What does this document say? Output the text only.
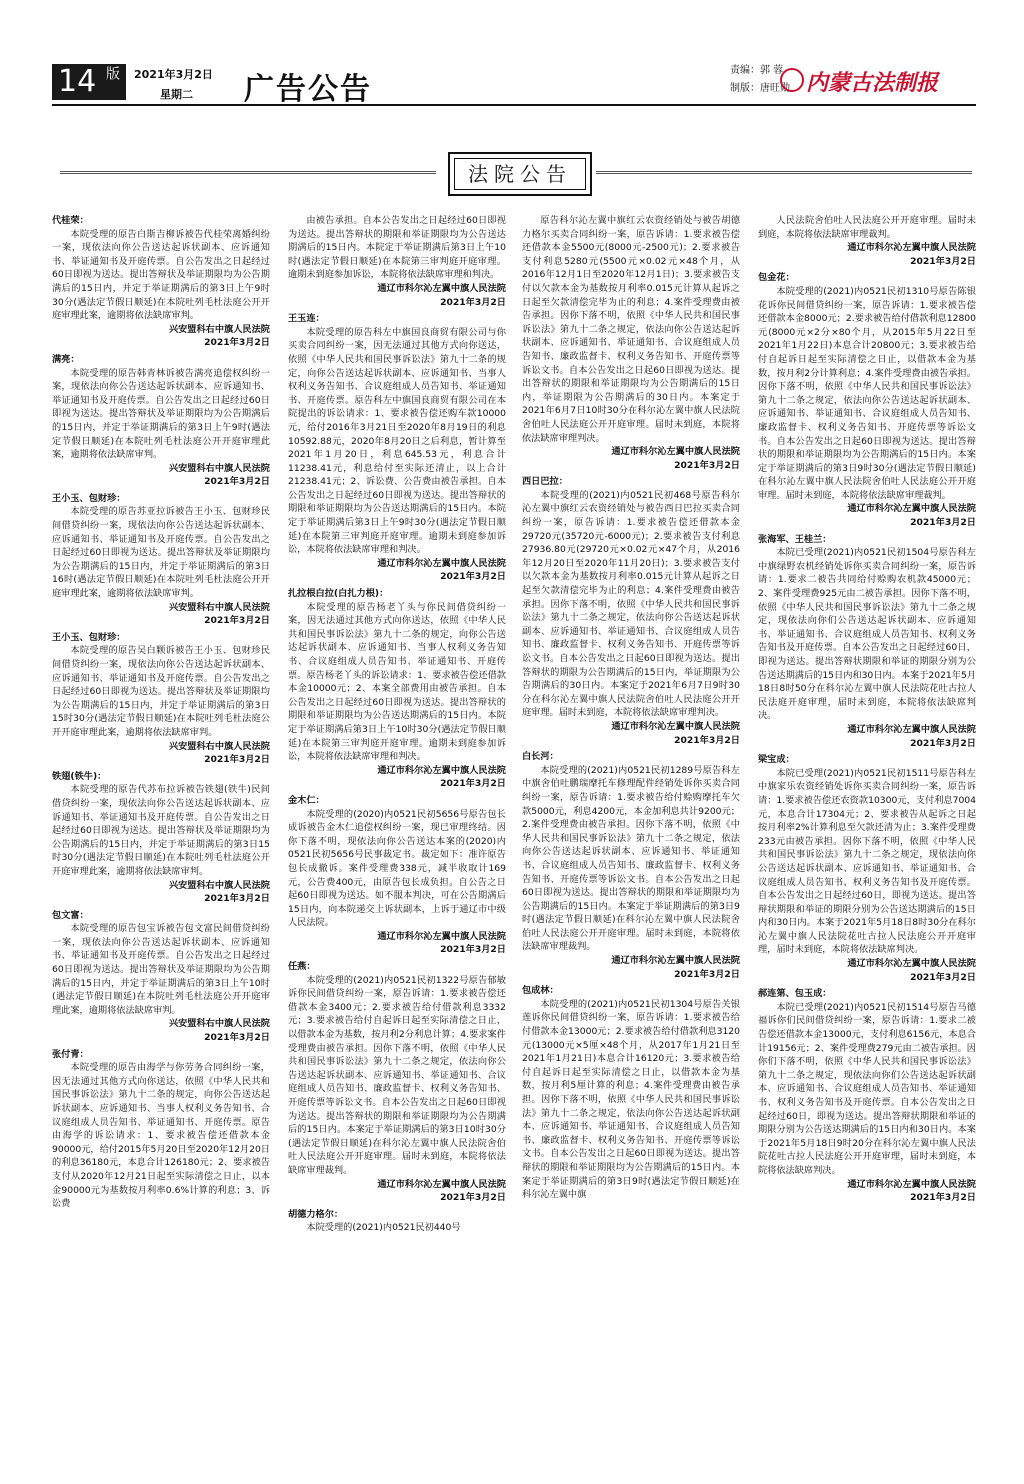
14 版 2021年3月2日
星期二 广告公告
责编：郭 蓉
制版：唐旺勋 内蒙古法制报
法院公告

代桂荣：

本院受理的原告白斯吉柳诉被告代桂荣离婚纠纷一案，现依法向你公告送达起诉状副本、应诉通知书、举证通知书及开庭传票。自公告发出之日起经过60日即视为送达。提出答辩状及举证期限均为公告期满后的15日内，并定于举证期满后的第3日上午9时30分(遇法定节假日顺延)在本院吐列毛杜法庭公开开庭审理此案，逾期将依法缺席审判。

兴安盟科右中旗人民法院

2021年3月2日

满亮：

本院受理的原告韩青林诉被告满亮追偿权纠纷一案，现依法向你公告送达起诉状副本、应诉通知书、举证通知书及开庭传票。自公告发出之日起经过60日即视为送达。提出答辩状及举证期限均为公告期满后的15日内，并定于举证期满后的第3日上午9时(遇法定节假日顺延)在本院吐列毛杜法庭公开开庭审理此案，逾期将依法缺席审判。

兴安盟科右中旗人民法院

2021年3月2日

王小玉、包财珍：

本院受理的原告苏亚拉诉被告王小玉、包财珍民间借贷纠纷一案，现依法向你公告送达起诉状副本、应诉通知书、举证通知书及开庭传票。自公告发出之日起经过60日即视为送达。提出答辩状及举证期限均为公告期满后的15日内，并定于举证期满后的第3日16时(遇法定节假日顺延)在本院吐列毛杜法庭公开开庭审理此案，逾期将依法缺席审判。

兴安盟科右中旗人民法院

2021年3月2日

王小玉、包财珍：

本院受理的原告吴白颗诉被告王小玉、包财珍民间借贷纠纷一案，现依法向你公告送达起诉状副本、应诉通知书、举证通知书及开庭传票。自公告发出之日起经过60日即视为送达。提出答辩状及举证期限均为公告期满后的15日内，并定于举证期满后的第3日15时30分(遇法定节假日顺延)在本院吐列毛杜法庭公开开庭审理此案，逾期将依法缺席审判。

兴安盟科右中旗人民法院

2021年3月2日

铁翅(铁牛)：

本院受理的原告代苏布拉诉被告铁翅(铁牛)民间借贷纠纷一案，现依法向你公告送达起诉状副本、应诉通知书、举证通知书及开庭传票。自公告发出之日起经过60日即视为送达。提出答辩状及举证期限均为公告期满后的15日内，并定于举证期满后的第3日15时30分(遇法定节假日顺延)在本院吐列毛杜法庭公开开庭审理此案，逾期将依法缺席审判。

兴安盟科右中旗人民法院

2021年3月2日

包文富：

本院受理的原告包宝诉被告包文富民间借贷纠纷一案，现依法向你公告送达起诉状副本、应诉通知书、举证通知书及开庭传票。自公告发出之日起经过60日即视为送达。提出答辩状及举证期限均为公告期满后的15日内，并定于举证期满后的第3日上午10时(遇法定节假日顺延)在本院吐列毛杜法庭公开开庭审理此案，逾期将依法缺席审判。

兴安盟科右中旗人民法院

2021年3月2日

张付青：

本院受理的原告由海学与你劳务合同纠纷一案，因无法通过其他方式向你送达，依照《中华人民共和国民事诉讼法》第九十二条的规定，向你公告送达起诉状副本、应诉通知书、当事人权利义务告知书、合议庭组成人员告知书、举证通知书、开庭传票。原告由海学的诉讼请求：1、要求被告偿还借款本金90000元，给付2015年5月20日至2020年12月20日的利息36180元，本息合计126180元；2、要求被告支付从2020年12月21日起至实际清偿之日止，以本金90000元为基数按月利率0.6%计算的利息；3、诉讼费

由被告承担。自本公告发出之日起经过60日即视为送达。提出答辩状的期限和举证期限均为公告送达期满后的15日内。本院定于举证期满后第3日上午10时(遇法定节假日顺延)在本院第三审判庭开庭审理。逾期未到庭参加诉讼，本院将依法缺席审理和判决。

通辽市科尔沁左翼中旗人民法院

2021年3月2日

王玉连：

本院受理的原告科左中旗国良商贸有限公司与你买卖合同纠纷一案，因无法通过其他方式向你送达，依照《中华人民共和国民事诉讼法》第九十二条的规定，向你公告送达起诉状副本、应诉通知书、当事人权利义务告知书、合议庭组成人员告知书、举证通知书、开庭传票。原告科左中旗国良商贸有限公司在本院提出的诉讼请求：1、要求被告偿还购车款10000元，给付2016年3月21日至2020年8月19日的利息10592.88元，2020年8月20日之后利息，暂计算至2021年1月20日，利息645.53元，利息合计11238.41元，利息给付至实际还清止，以上合计21238.41元；2、诉讼费、公告费由被告承担。自本公告发出之日起经过60日即视为送达。提出答辩状的期限和举证期限均为公告送达期满后的15日内。本院定于举证期满后第3日上午9时30分(遇法定节假日顺延)在本院第三审判庭开庭审理。逾期未到庭参加诉讼，本院将依法缺席审理和判决。

通辽市科尔沁左翼中旗人民法院

2021年3月2日

扎拉根白拉(白扎力根)：

本院受理的原告杨老丫头与你民间借贷纠纷一案，因无法通过其他方式向你送达，依照《中华人民共和国民事诉讼法》第九十二条的规定，向你公告送达起诉状副本、应诉通知书、当事人权利义务告知书、合议庭组成人员告知书、举证通知书、开庭传票。原告杨老丫头的诉讼请求：1、要求被告偿还借款本金10000元；2、本案全部费用由被告承担。自本公告发出之日起经过60日即视为送达。提出答辩状的期限和举证期限均为公告送达期满后的15日内。本院定于举证期满后第3日上午10时30分(遇法定节假日顺延)在本院第三审判庭开庭审理。逾期未到庭参加诉讼，本院将依法缺席审理和判决。

通辽市科尔沁左翼中旗人民法院

2021年3月2日

金木仁：

本院受理的(2020)内0521民初5656号原告包长成诉被告金木仁追偿权纠纷一案，现已审理终结。因你下落不明，现依法向你公告送达本案的(2020)内0521民初5656号民事裁定书。裁定如下：准许原告包长成撤诉。案件受理费338元，减半收取计169元，公告费400元，由原告包长成负担。自公告之日起60日即视为送达。如不服本判决，可在公告期满后15日内，向本院递交上诉状副本，上诉于通辽市中级人民法院。

通辽市科尔沁左翼中旗人民法院

2021年3月2日

任燕：

本院受理的(2021)内0521民初1322号原告郁敏诉你民间借贷纠纷一案，原告诉请：1.要求被告偿还借款本金3400元；2.要求被告给付借款利息3332元；3.要求被告给付自起诉日起至实际清偿之日止，以借款本金为基数，按月利2分利息计算；4.要求案件受理费由被告承担。因你下落不明，依照《中华人民共和国民事诉讼法》第九十二条之规定，依法向你公告送达起诉状副本、应诉通知书、举证通知书、合议庭组成人员告知书、廉政监督卡、权利义务告知书、开庭传票等诉讼文书。自本公告发出之日起60日即视为送达。提出答辩状的期限和举证期限均为公告期满后的15日内。本案定于举证期满后的第3日10时30分(遇法定节假日顺延)在科尔沁左翼中旗人民法院舍伯吐人民法庭公开开庭审理。届时未到庭，本院将依法缺席审理裁判。

通辽市科尔沁左翼中旗人民法院

2021年3月2日

胡德力格尔：

本院受理的(2021)内0521民初440号

原告科尔沁左翼中旗红云农资经销处与被告胡德力格尔买卖合同纠纷一案，原告诉请：1.要求被告偿还借款本金5500元(8000元-2500元)；2.要求被告支付利息5280元(5500元×0.02元×48个月，从2016年12月1日至2020年12月1日)；3.要求被告支付以欠款本金为基数按月利率0.015元计算从起诉之日起至欠款清偿完毕为止的利息；4.案件受理费由被告承担。因你下落不明，依照《中华人民共和国民事诉讼法》第九十二条之规定，依法向你公告送达起诉状副本、应诉通知书、举证通知书、合议庭组成人员告知书、廉政监督卡、权利义务告知书、开庭传票等诉讼文书。自本公告发出之日起60日即视为送达。提出答辩状的期限和举证期限均为公告期满后的15日内，举证期限为公告期满后的30日内。本案定于2021年6月7日10时30分在科尔沁左翼中旗人民法院舍伯吐人民法庭公开开庭审理。届时未到庭，本院将依法缺席审理判决。

通辽市科尔沁左翼中旗人民法院

2021年3月2日

西日巴拉：

本院受理的(2021)内0521民初468号原告科尔沁左翼中旗红云农资经销处与被告西日巴拉买卖合同纠纷一案，原告诉请：1.要求被告偿还借款本金29720元(35720元-6000元)；2.要求被告支付利息27936.80元(29720元×0.02元×47个月，从2016年12月20日至2020年11月20日)；3.要求被告支付以欠款本金为基数按月利率0.015元计算从起诉之日起至欠款清偿完毕为止的利息；4.案件受理费由被告承担。因你下落不明，依照《中华人民共和国民事诉讼法》第九十二条之规定，依法向你公告送达起诉状副本、应诉通知书、举证通知书、合议庭组成人员告知书、廉政监督卡、权利义务告知书、开庭传票等诉讼文书。自本公告发出之日起60日即视为送达。提出答辩状的期限为公告期满后的15日内，举证期限为公告期满后的30日内。本案定于2021年6月7日9时30分在科尔沁左翼中旗人民法院舍伯吐人民法庭公开开庭审理。届时未到庭，本院将依法缺席审理判决。

通辽市科尔沁左翼中旗人民法院

2021年3月2日

白长河：

本院受理的(2021)内0521民初1289号原告科左中旗舍伯吐鹏瑞摩托车修理配件经销处诉你买卖合同纠纷一案，原告诉请：1.要求被告给付赊购摩托车欠款5000元，利息4200元，本金加利息共计9200元；2.案件受理费由被告承担。因你下落不明，依照《中华人民共和国民事诉讼法》第九十二条之规定，依法向你公告送达起诉状副本、应诉通知书、举证通知书、合议庭组成人员告知书、廉政监督卡、权利义务告知书、开庭传票等诉讼文书。自本公告发出之日起60日即视为送达。提出答辩状的期限和举证期限均为公告期满后的15日内。本案定于举证期满后的第3日9时(遇法定节假日顺延)在科尔沁左翼中旗人民法院舍伯吐人民法庭公开开庭审理。届时未到庭，本院将依法缺席审理裁判。

通辽市科尔沁左翼中旗人民法院

2021年3月2日

包成林：

本院受理的(2021)内0521民初1304号原告关银莲诉你民间借贷纠纷一案，原告诉请：1.要求被告给付借款本金13000元；2.要求被告给付借款利息3120元(13000元×5厘×48个月，从2017年1月21日至2021年1月21日)本息合计16120元；3.要求被告给付自起诉日起至实际清偿之日止，以借款本金为基数，按月利5厘计算的利息；4.案件受理费由被告承担。因你下落不明，依照《中华人民共和国民事诉讼法》第九十二条之规定，依法向你公告送达起诉状副本、应诉通知书、举证通知书、合议庭组成人员告知书、廉政监督卡、权利义务告知书、开庭传票等诉讼文书。自本公告发出之日起60日即视为送达。提出答辩状的期限和举证期限均为公告期满后的15日内。本案定于举证期满后的第3日9时(遇法定节假日顺延)在科尔沁左翼中旗

人民法院舍伯吐人民法庭公开开庭审理。届时未到庭，本院将依法缺席审理裁判。

通辽市科尔沁左翼中旗人民法院

2021年3月2日

包金花：

本院受理的(2021)内0521民初1310号原告陈银花诉你民间借贷纠纷一案，原告诉请：1.要求被告偿还借款本金8000元；2.要求被告给付借款利息12800元(8000元×2分×80个月，从2015年5月22日至2021年1月22日)本息合计20800元；3.要求被告给付自起诉日起至实际清偿之日止，以借款本金为基数，按月利2分计算利息；4.案件受理费由被告承担。因你下落不明，依照《中华人民共和国民事诉讼法》第九十二条之规定，依法向你公告送达起诉状副本、应诉通知书、举证通知书、合议庭组成人员告知书、廉政监督卡、权利义务告知书、开庭传票等诉讼文书。自本公告发出之日起60日即视为送达。提出答辩状的期限和举证期限均为公告期满后的15日内。本案定于举证期满后的第3日9时30分(遇法定节假日顺延)在科尔沁左翼中旗人民法院舍伯吐人民法庭公开开庭审理。届时未到庭，本院将依法缺席审理裁判。

通辽市科尔沁左翼中旗人民法院

2021年3月2日

张海军、王桂兰：

本院已受理(2021)内0521民初1504号原告科左中旗绿野农机经销处诉你买卖合同纠纷一案，原告诉请：1.要求二被告共同给付赊购农机款45000元；2、案件受理费925元由二被告承担。因你下落不明，依照《中华人民共和国民事诉讼法》第九十二条之规定，现依法向你们公告送达起诉状副本、应诉通知书、举证通知书、合议庭组成人员告知书、权利义务告知书及开庭传票。自本公告发出之日起经过60日，即视为送达。提出答辩状期限和举证的期限分别为公告送达期满后的15日内和30日内。本案于2021年5月18日8时50分在科尔沁左翼中旗人民法院花吐古拉人民法庭开庭审理，届时未到庭，本院将依法缺席判决。

通辽市科尔沁左翼中旗人民法院

2021年3月2日

梁宝成：

本院已受理(2021)内0521民初1511号原告科左中旗家乐农资经销处诉你买卖合同纠纷一案，原告诉请：1.要求被告偿还农资款10300元，支付利息7004元，本息合计17304元；2、要求被告从起诉之日起按月利率2%计算利息至欠款还清为止；3.案件受理费233元由被告承担。因你下落不明，依照《中华人民共和国民事诉讼法》第九十二条之规定，现依法向你公告送达起诉状副本、应诉通知书、举证通知书、合议庭组成人员告知书、权利义务告知书及开庭传票。自本公告发出之日起经过60日，即视为送达。提出答辩状期限和举证的期限分别为公告送达期满后的15日内和30日内。本案于2021年5月18日8时30分在科尔沁左翼中旗人民法院花吐古拉人民法庭公开开庭审理，届时未到庭，本院将依法缺席判决。

通辽市科尔沁左翼中旗人民法院

2021年3月2日

郝连第、包玉成：

本院已受理(2021)内0521民初1514号原告马德福诉你们民间借贷纠纷一案，原告诉请：1.要求二被告偿还借款本金13000元，支付利息6156元，本息合计19156元；2、案件受理费279元由二被告承担。因你们下落不明，依照《中华人民共和国民事诉讼法》第九十二条之规定，现依法向你们公告送达起诉状副本、应诉通知书、合议庭组成人员告知书、举证通知书、权利义务告知书及开庭传票。自本公告发出之日起经过60日，即视为送达。提出答辩状期限和举证的期限分别为公告送达期满后的15日内和30日内。本案于2021年5月18日9时20分在科尔沁左翼中旗人民法院花吐古拉人民法庭公开开庭审理，届时未到庭，本院将依法缺席判决。

通辽市科尔沁左翼中旗人民法院

2021年3月2日
